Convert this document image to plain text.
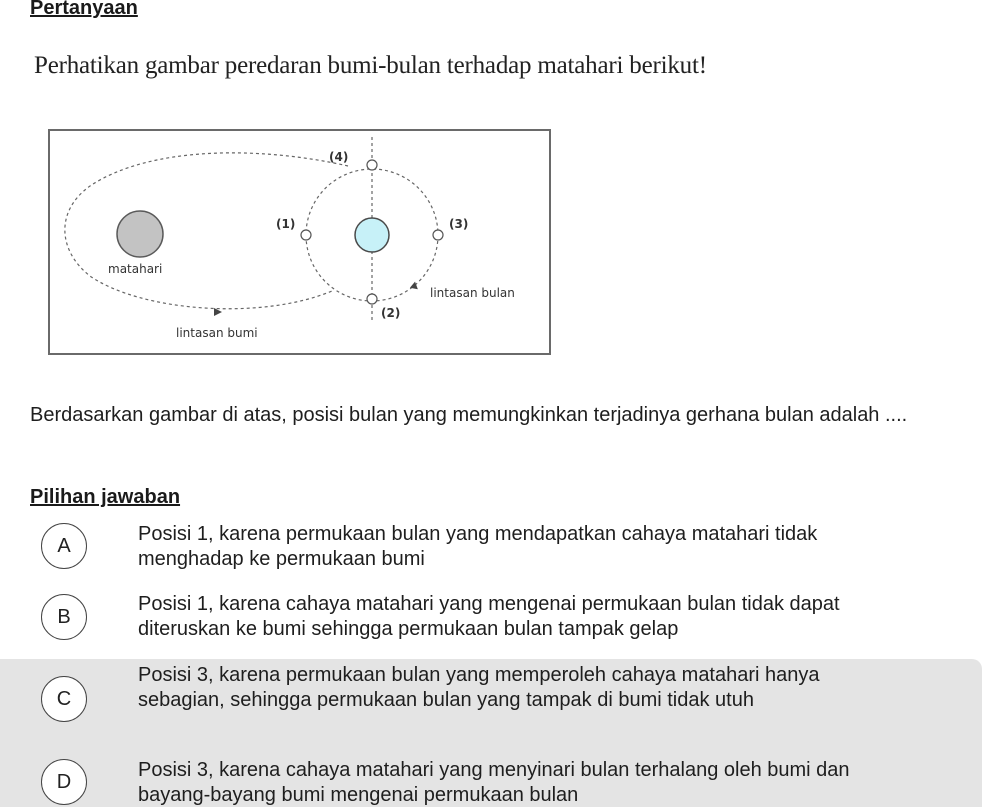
Pertanyaan

Perhatikan gambar peredaran bumi-bulan terhadap matahari berikut!

matahari
lintasan bumi
lintasan bulan
(1)
(2)
(3)
(4)

Berdasarkan gambar di atas, posisi bulan yang memungkinkan terjadinya gerhana bulan adalah ....

Pilihan jawaban
A

Posisi 1, karena permukaan bulan yang mendapatkan cahaya matahari tidak menghadap ke permukaan bumi

B

Posisi 1, karena cahaya matahari yang mengenai permukaan bulan tidak dapat diteruskan ke bumi sehingga permukaan bulan tampak gelap

C

Posisi 3, karena permukaan bulan yang memperoleh cahaya matahari hanya sebagian, sehingga permukaan bulan yang tampak di bumi tidak utuh

D

Posisi 3, karena cahaya matahari yang menyinari bulan terhalang oleh bumi dan bayang-bayang bumi mengenai permukaan bulan
